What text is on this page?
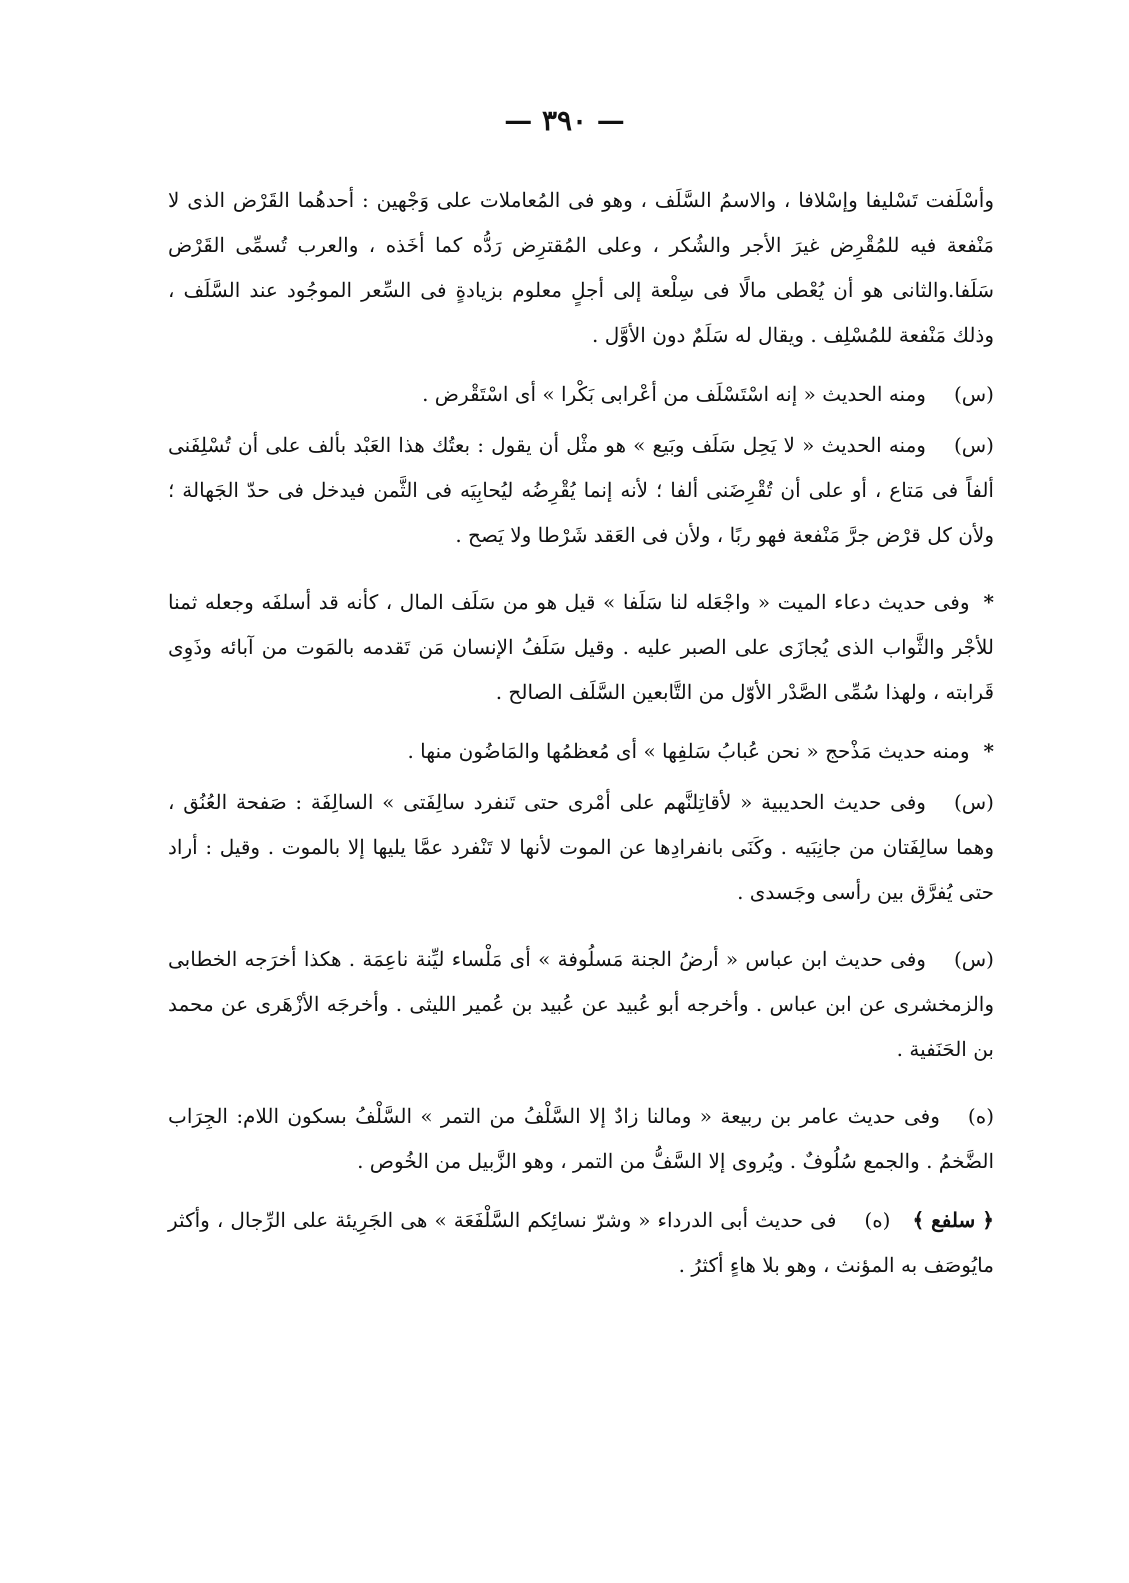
— ٣٩٠ —

وأسْلَفت تَسْليفا وإسْلافا ، والاسمُ السَّلَف ، وهو فى المُعاملات على وَجْهين : أحدهُما القَرْض الذى لا مَنْفعة فيه للمُقْرِض غيرَ الأجر والشُكر ، وعلى المُقترِض رَدُّه كما أخَذه ، والعرب تُسمِّى القَرْض سَلَفا.والثانى هو أن يُعْطى مالًا فى سِلْعة إلى أجلٍ معلوم بزيادةٍ فى السِّعر الموجُود عند السَّلَف ، وذلك مَنْفعة للمُسْلِف . ويقال له سَلَمٌ دون الأوَّل .

(س)ومنه الحديث « إنه اسْتَسْلَف من أعْرابى بَكْرا » أى اسْتَقْرض .

(س)ومنه الحديث « لا يَحِل سَلَف وبَيع » هو مثْل أن يقول : بعتُك هذا العَبْد بألف على أن تُسْلِفَنى ألفاً فى مَتاع ، أو على أن تُقْرِضَنى ألفا ؛ لأنه إنما يُقْرِضُه ليُحابِيَه فى الثَّمن فيدخل فى حدّ الجَهالة ؛ ولأن كل قرْض جرَّ مَنْفعة فهو ربًا ، ولأن فى العَقد شَرْطا ولا يَصح .

*وفى حديث دعاء الميت « واجْعَله لنا سَلَفا » قيل هو من سَلَف المال ، كأنه قد أسلفَه وجعله ثمنا للأجْر والثَّواب الذى يُجازَى على الصبر عليه . وقيل سَلَفُ الإنسان مَن تَقدمه بالمَوت من آبائه وذَوِى قَرابته ، ولهذا سُمِّى الصَّدْر الأوّل من التَّابعين السَّلَف الصالح .

*ومنه حديث مَذْحج « نحن عُبابُ سَلفِها » أى مُعظمُها والمَاضُون منها .

(س)وفى حديث الحديبية « لأقاتِلنَّهم على أمْرى حتى تَنفرد سالِفَتى » السالِفَة : صَفحة العُنُق ، وهما سالِفَتان من جانِبَيه . وكَنَى بانفرادِها عن الموت لأنها لا تَنْفرد عمَّا يليها إلا بالموت . وقيل : أراد حتى يُفرَّق بين رأسى وجَسدى .

(س)وفى حديث ابن عباس « أرضُ الجنة مَسلُوفة » أى مَلْساء ليِّنة ناعِمَة . هكذا أخرَجه الخطابى والزمخشرى عن ابن عباس . وأخرجه أبو عُبيد عن عُبيد بن عُمير الليثى . وأخرجَه الأزْهَرى عن محمد بن الحَنَفية .

(ه)وفى حديث عامر بن ربيعة « ومالنا زادٌ إلا السَّلْفُ من التمر » السَّلْفُ بسكون اللام: الجِرَاب الضَّخمُ . والجمع سُلُوفٌ . ويُروى إلا السَّفُّ من التمر ، وهو الزَّبيل من الخُوص .

﴿ سلفع ﴾(ه)فى حديث أبى الدرداء « وشرّ نسائِكم السَّلْفَعَة » هى الجَرِيئة على الرِّجال ، وأكثر مايُوصَف به المؤنث ، وهو بلا هاءٍ أكثرُ .
